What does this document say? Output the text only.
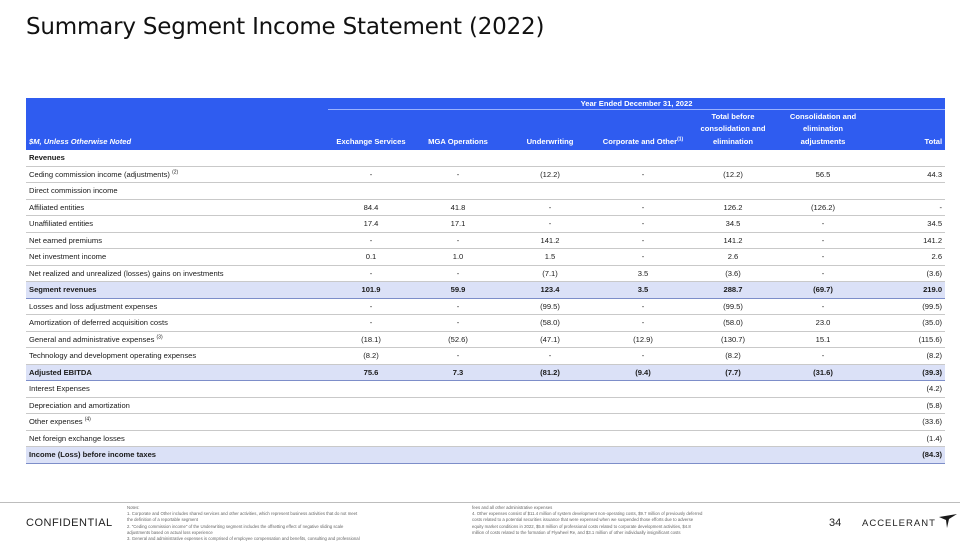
Summary Segment Income Statement (2022)
	Year Ended December 31, 2022						
$M, Unless Otherwise Noted	Exchange Services	MGA Operations	Underwriting	Corporate and Other$^{(1)}$	Total before consolidation and elimination	Consolidation and elimination adjustments	Total
Revenues							
Ceding commission income (adjustments) $^{(2)}$	-	-	(12.2)	-	(12.2)	56.5	44.3
Direct commission income							
Affiliated entities	84.4	41.8	-	-	126.2	(126.2)	-
Unaffiliated entities	17.4	17.1	-	-	34.5	-	34.5
Net earned premiums	-	-	141.2	-	141.2	-	141.2
Net investment income	0.1	1.0	1.5	-	2.6	-	2.6
Net realized and unrealized (losses) gains on investments	-	-	(7.1)	3.5	(3.6)	-	(3.6)
Segment revenues	101.9	59.9	123.4	3.5	288.7	(69.7)	219.0
Losses and loss adjustment expenses	-	-	(99.5)	-	(99.5)	-	(99.5)
Amortization of deferred acquisition costs	-	-	(58.0)	-	(58.0)	23.0	(35.0)
General and administrative expenses $^{(3)}$	(18.1)	(52.6)	(47.1)	(12.9)	(130.7)	15.1	(115.6)
Technology and development operating expenses	(8.2)	-	-	-	(8.2)	-	(8.2)
Adjusted EBITDA	75.6	7.3	(81.2)	(9.4)	(7.7)	(31.6)	(39.3)
Interest Expenses							(4.2)
Depreciation and amortization							(5.8)
Other expenses $^{(4)}$							(33.6)
Net foreign exchange losses							(1.4)
Income (Loss) before income taxes							(84.3)
CONFIDENTIAL
Notes:
1. Corporate and Other includes shared services and other activities, which represent business activities that do not meet
the definition of a reportable segment
2. "Ceding commission income" of the Underwriting segment includes the offsetting effect of negative sliding scale
adjustments based on actual loss experience
3. General and administrative expenses is comprised of employee compensation and benefits, consulting and professional
fees and all other administrative expenses
4. Other expenses consist of $11.4 million of system development non-operating costs, $9.7 million of previously deferred
costs related to a potential securities issuance that were expensed when we suspended those efforts due to adverse
equity market conditions in 2022, $5.8 million of professional costs related to corporate development activities, $4.8
million of costs related to the formation of Flywheel Re, and $3.1 million of other individually insignificant costs
34 ACCELERANT
